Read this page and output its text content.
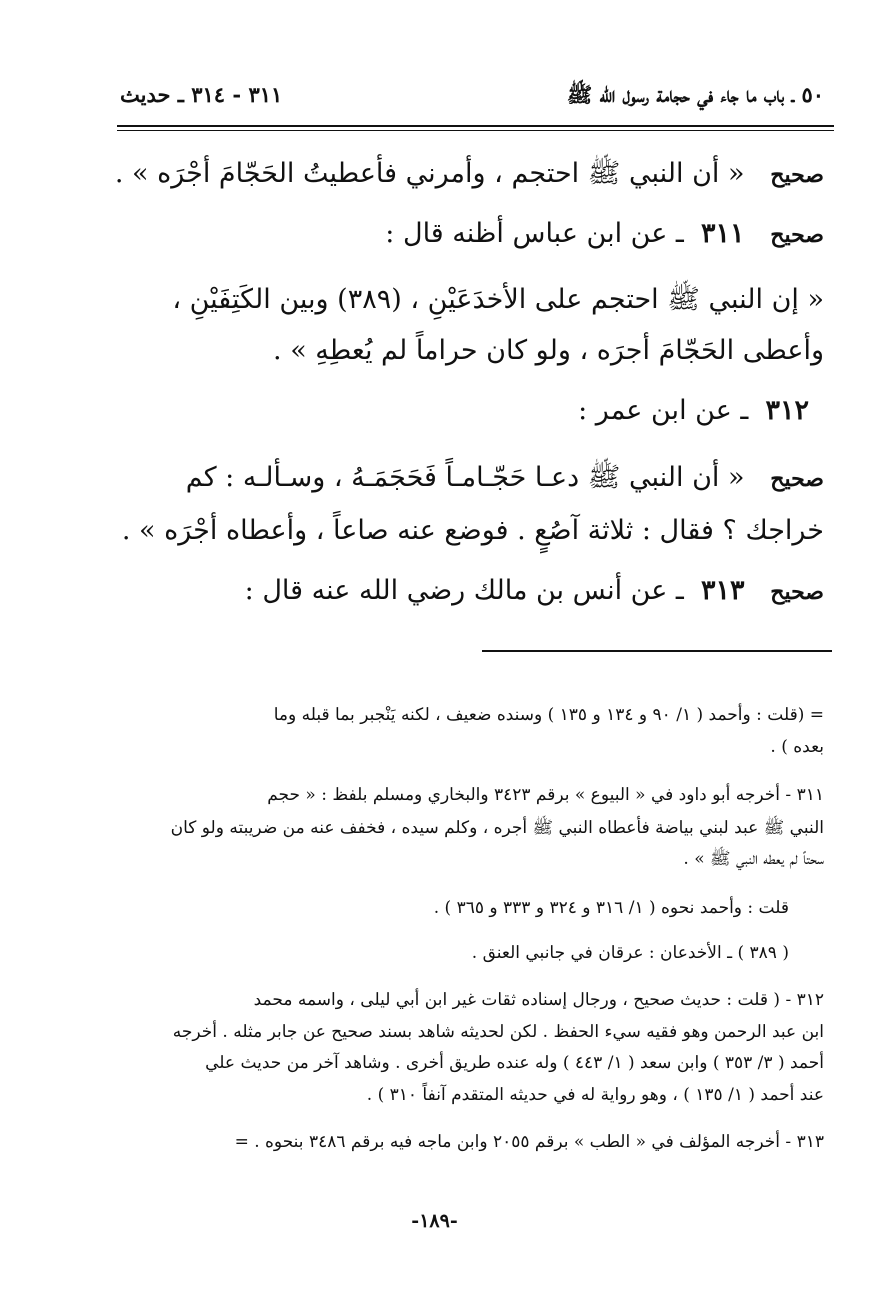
٥٠ ـ باب ما جاء في حجامة رسول الله ﷺ
٣١١ - ٣١٤ ـ حديث
صحيح   « أن النبي ﷺ احتجم ، وأمرني فأعطيتُ الحَجّامَ أجْرَه » .
صحيح   ٣١١  ـ عن ابن عباس أظنه قال :
« إن النبي ﷺ احتجم على الأخدَعَيْنِ ، (٣٨٩) وبين الكَتِفَيْنِ ،
وأعطى الحَجّامَ أجرَه ، ولو كان حراماً لم يُعطِهِ » .
٣١٢  ـ عن ابن عمر :
صحيح   « أن النبي ﷺ دعـا حَجّـامـاً فَحَجَمَـهُ ، وسـألـه : كم
خراجك ؟ فقال : ثلاثة آصُعٍ . فوضع عنه صاعاً ، وأعطاه أجْرَه » .
صحيح   ٣١٣  ـ عن أنس بن مالك رضي الله عنه قال :
= (قلت : وأحمد ( ١/ ٩٠ و ١٣٤ و ١٣٥ ) وسنده ضعيف ، لكنه يَنْجبر بما قبله وما
بعده ) .
٣١١ - أخرجه أبو داود في « البيوع » برقم ٣٤٢٣ والبخاري ومسلم بلفظ : « حجم
النبي ﷺ عبد لبني بياضة فأعطاه النبي ﷺ أجره ، وكلم سيده ، فخفف عنه من ضريبته ولو كان
سحتاً لم يعطه النبي ﷺ » .
قلت : وأحمد نحوه ( ١/ ٣١٦ و ٣٢٤ و ٣٣٣ و ٣٦٥ ) .
( ٣٨٩ ) ـ الأخدعان : عرقان في جانبي العنق .
٣١٢ - ( قلت : حديث صحيح ، ورجال إسناده ثقات غير ابن أبي ليلى ، واسمه محمد
ابن عبد الرحمن وهو فقيه سيء الحفظ . لكن لحديثه شاهد بسند صحيح عن جابر مثله . أخرجه
أحمد ( ٣/ ٣٥٣ ) وابن سعد ( ١/ ٤٤٣ ) وله عنده طريق أخرى . وشاهد آخر من حديث علي
عند أحمد ( ١/ ١٣٥ ) ، وهو رواية له في حديثه المتقدم آنفاً ٣١٠ ) .
٣١٣ - أخرجه المؤلف في « الطب » برقم ٢٠٥٥ وابن ماجه فيه برقم ٣٤٨٦ بنحوه . =
-١٨٩-
